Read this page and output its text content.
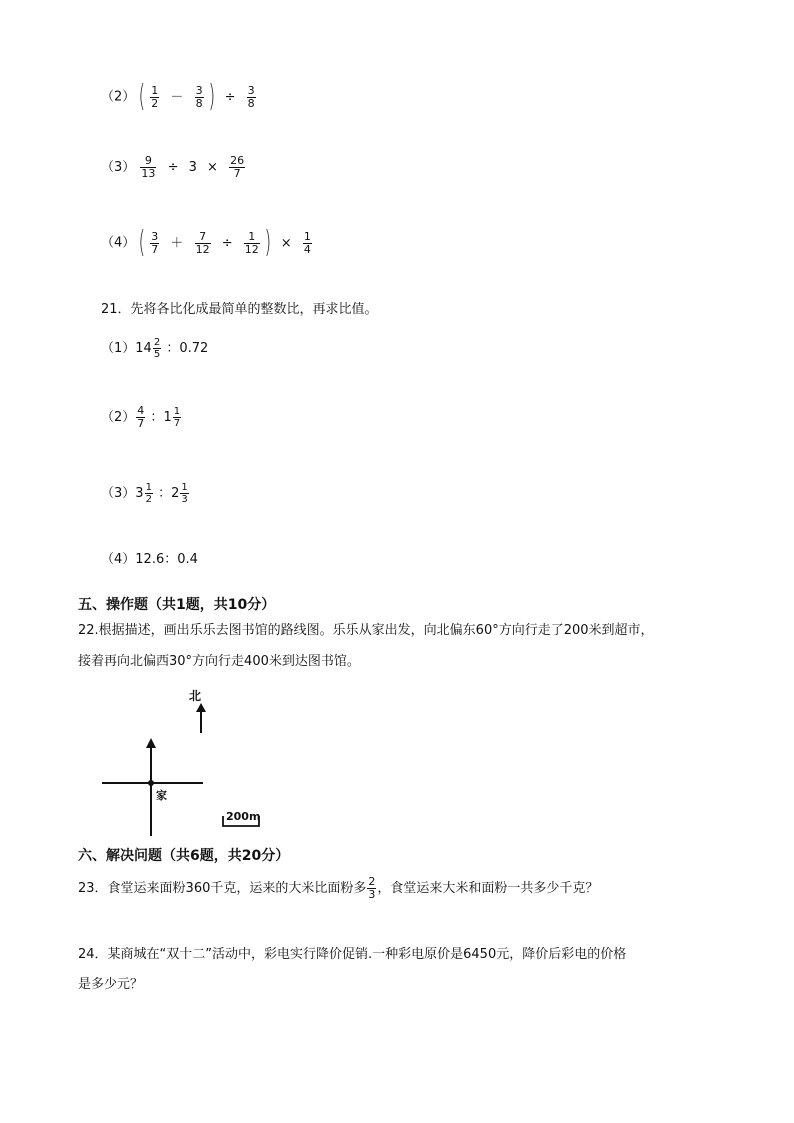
（2） ( $\frac{1}{2} - \frac{3}{8}$ ) ÷ $\frac{3}{8}$
$(3) \frac{9}{13} \div 3 \times \frac{26}{7}$
（4） ( $\frac{3}{7} + \frac{7}{12} \div \frac{1}{12}$ ) × $\frac{1}{4}$
21．先将各比化成最简单的整数比，再求比值。
（1） $14 \frac{2}{5}$ ：0.72
$(2) \frac{4}{7}$ ： $1 \frac{1}{7}$
（3） $3 \frac{1}{2}$ ： $2 \frac{1}{3}$
（4）12.6：0.4
五、操作题（共1题，共10分）
22.根据描述，画出乐乐去图书馆的路线图。乐乐从家出发，向北偏东60°方向行走了200米到超市，
接着再向北偏西30°方向行走400米到达图书馆。
北
家
200m
六、解决问题（共6题，共20分）
23．食堂运来面粉360千克，运来的大米比面粉多 $\frac{2}{3}$ ，食堂运来大米和面粉一共多少千克？
24．某商城在“双十二”活动中，彩电实行降价促销.一种彩电原价是6450元，降价后彩电的价格
是多少元？
